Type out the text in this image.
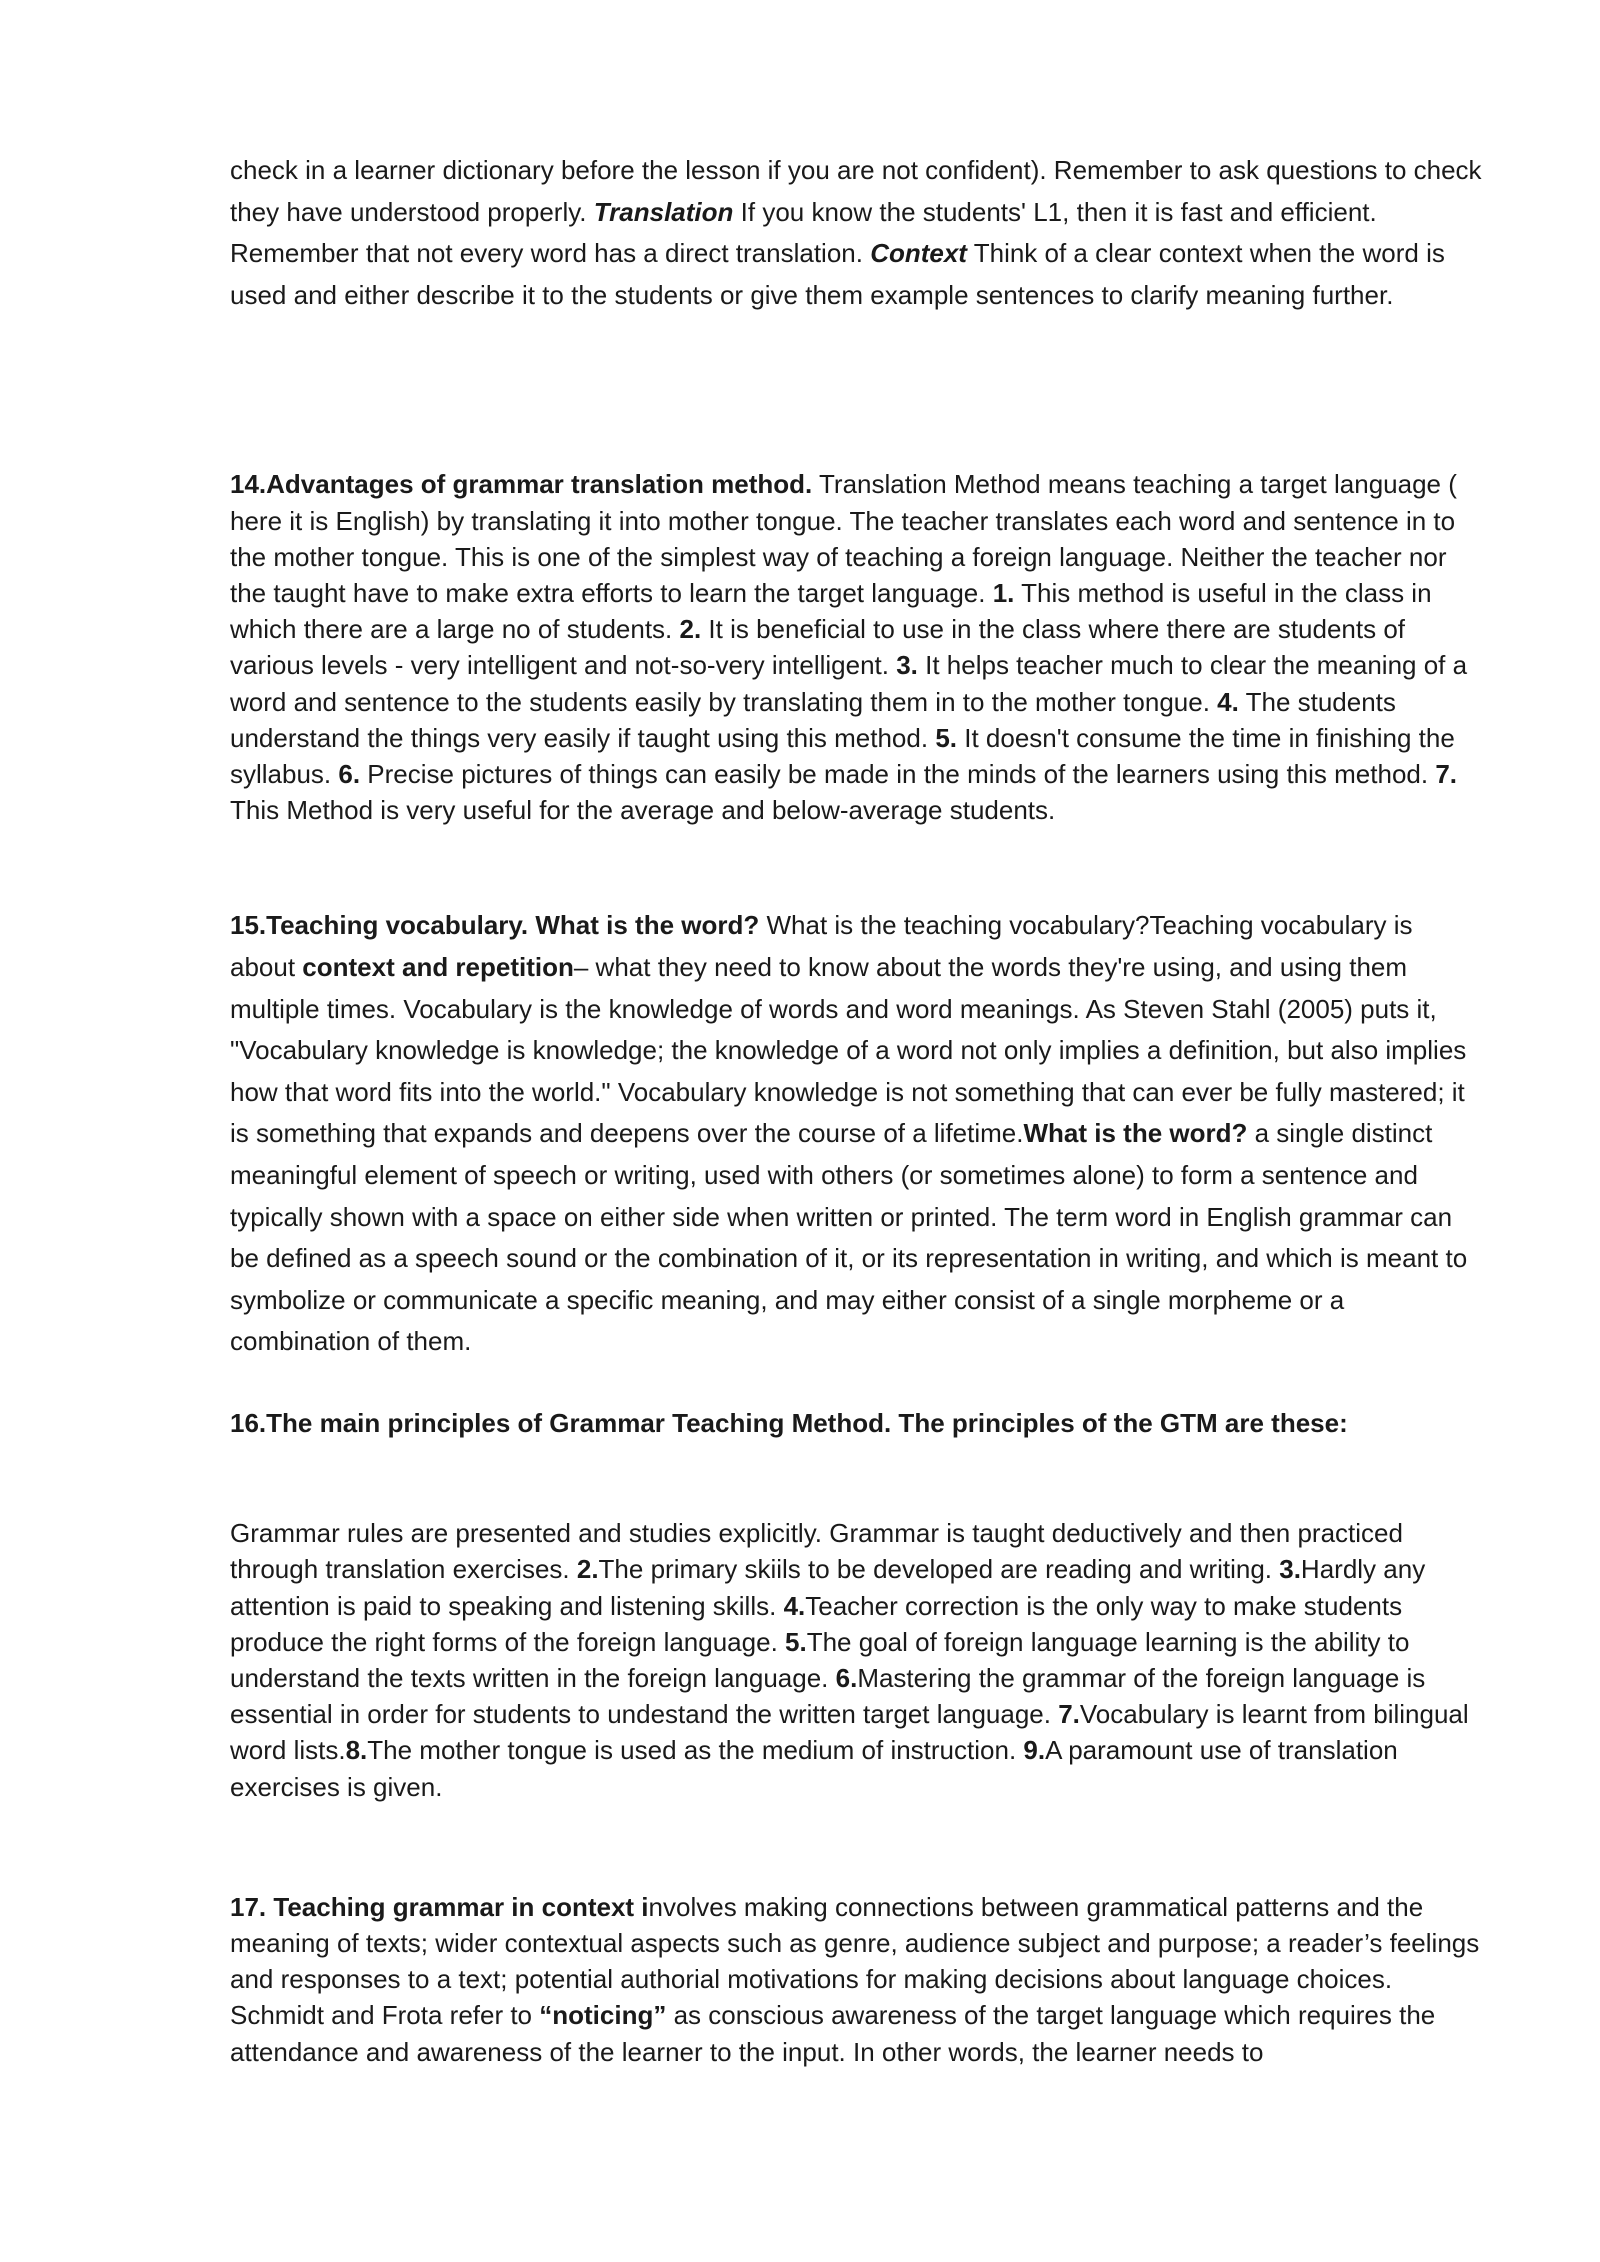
check in a learner dictionary before the lesson if you are not confident). Remember to ask questions to check they have understood properly. Translation If you know the students' L1, then it is fast and efficient. Remember that not every word has a direct translation. Context Think of a clear context when the word is used and either describe it to the students or give them example sentences to clarify meaning further.

14.Advantages of grammar translation method. Translation Method means teaching a target language ( here it is English) by translating it into mother tongue. The teacher translates each word and sentence in to the mother tongue. This is one of the simplest way of teaching a foreign language. Neither the teacher nor the taught have to make extra efforts to learn the target language. 1. This method is useful in the class in which there are a large no of students. 2. It is beneficial to use in the class where there are students of various levels - very intelligent and not-so-very intelligent. 3. It helps teacher much to clear the meaning of a word and sentence to the students easily by translating them in to the mother tongue. 4. The students understand the things very easily if taught using this method. 5. It doesn't consume the time in finishing the syllabus. 6. Precise pictures of things can easily be made in the minds of the learners using this method. 7. This Method is very useful for the average and below-average students.

15.Teaching vocabulary. What is the word? What is the teaching vocabulary?Teaching vocabulary is about context and repetition– what they need to know about the words they're using, and using them multiple times. Vocabulary is the knowledge of words and word meanings. As Steven Stahl (2005) puts it, "Vocabulary knowledge is knowledge; the knowledge of a word not only implies a definition, but also implies how that word fits into the world." Vocabulary knowledge is not something that can ever be fully mastered; it is something that expands and deepens over the course of a lifetime.What is the word? a single distinct meaningful element of speech or writing, used with others (or sometimes alone) to form a sentence and typically shown with a space on either side when written or printed. The term word in English grammar can be defined as a speech sound or the combination of it, or its representation in writing, and which is meant to symbolize or communicate a specific meaning, and may either consist of a single morpheme or a combination of them.

16.The main principles of Grammar Teaching Method. The principles of the GTM are these:

Grammar rules are presented and studies explicitly. Grammar is taught deductively and then practiced through translation exercises. 2.The primary skiils to be developed are reading and writing. 3.Hardly any attention is paid to speaking and listening skills. 4.Teacher correction is the only way to make students produce the right forms of the foreign language. 5.The goal of foreign language learning is the ability to understand the texts written in the foreign language. 6.Mastering the grammar of the foreign language is essential in order for students to undestand the written target language. 7.Vocabulary is learnt from bilingual word lists.8.The mother tongue is used as the medium of instruction. 9.A paramount use of translation exercises is given.

17. Teaching grammar in context involves making connections between grammatical patterns and the meaning of texts; wider contextual aspects such as genre, audience subject and purpose; a reader’s feelings and responses to a text; potential authorial motivations for making decisions about language choices. Schmidt and Frota refer to “noticing” as conscious awareness of the target language which requires the attendance and awareness of the learner to the input. In other words, the learner needs to
